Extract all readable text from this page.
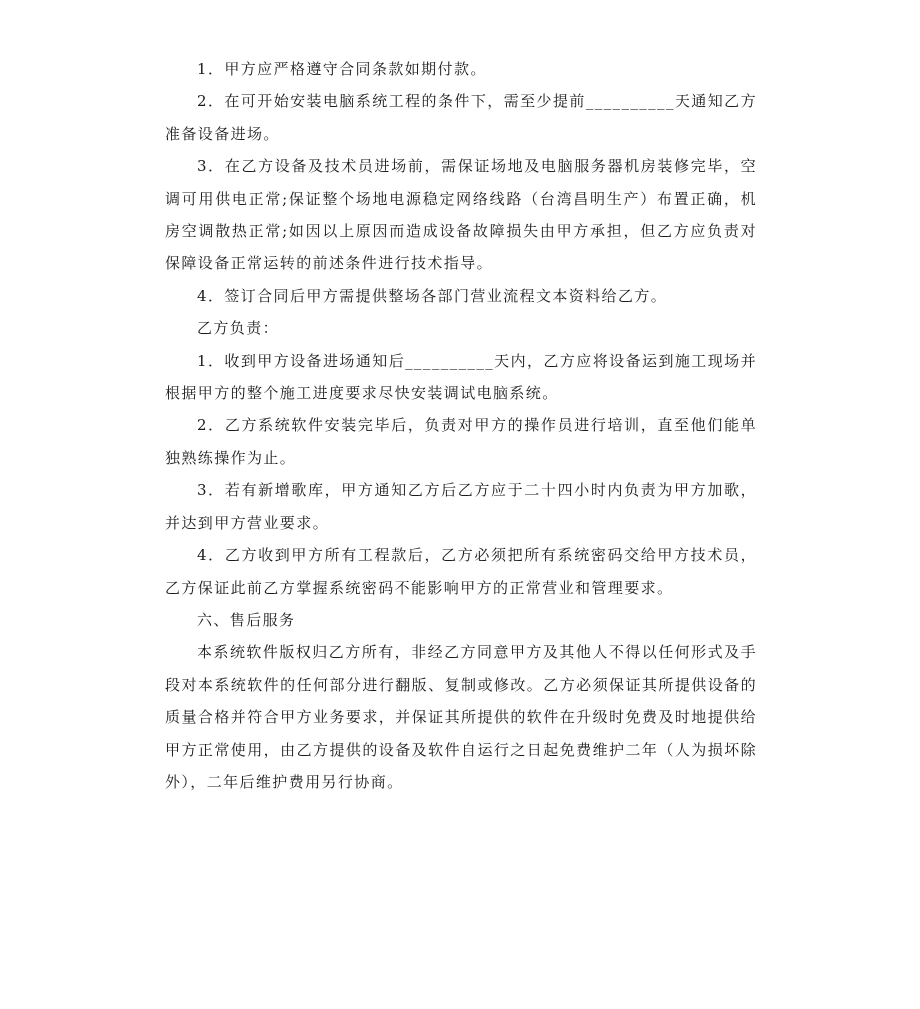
1．甲方应严格遵守合同条款如期付款。

2．在可开始安装电脑系统工程的条件下，需至少提前__________天通知乙方准备设备进场。

3．在乙方设备及技术员进场前，需保证场地及电脑服务器机房装修完毕，空调可用供电正常;保证整个场地电源稳定网络线路（台湾昌明生产）布置正确，机房空调散热正常;如因以上原因而造成设备故障损失由甲方承担，但乙方应负责对保障设备正常运转的前述条件进行技术指导。

4．签订合同后甲方需提供整场各部门营业流程文本资料给乙方。

乙方负责：

1．收到甲方设备进场通知后__________天内，乙方应将设备运到施工现场并根据甲方的整个施工进度要求尽快安装调试电脑系统。

2．乙方系统软件安装完毕后，负责对甲方的操作员进行培训，直至他们能单独熟练操作为止。

3．若有新增歌库，甲方通知乙方后乙方应于二十四小时内负责为甲方加歌，并达到甲方营业要求。

4．乙方收到甲方所有工程款后，乙方必须把所有系统密码交给甲方技术员，乙方保证此前乙方掌握系统密码不能影响甲方的正常营业和管理要求。

六、售后服务

本系统软件版权归乙方所有，非经乙方同意甲方及其他人不得以任何形式及手段对本系统软件的任何部分进行翻版、复制或修改。乙方必须保证其所提供设备的质量合格并符合甲方业务要求，并保证其所提供的软件在升级时免费及时地提供给甲方正常使用，由乙方提供的设备及软件自运行之日起免费维护二年（人为损坏除外），二年后维护费用另行协商。
